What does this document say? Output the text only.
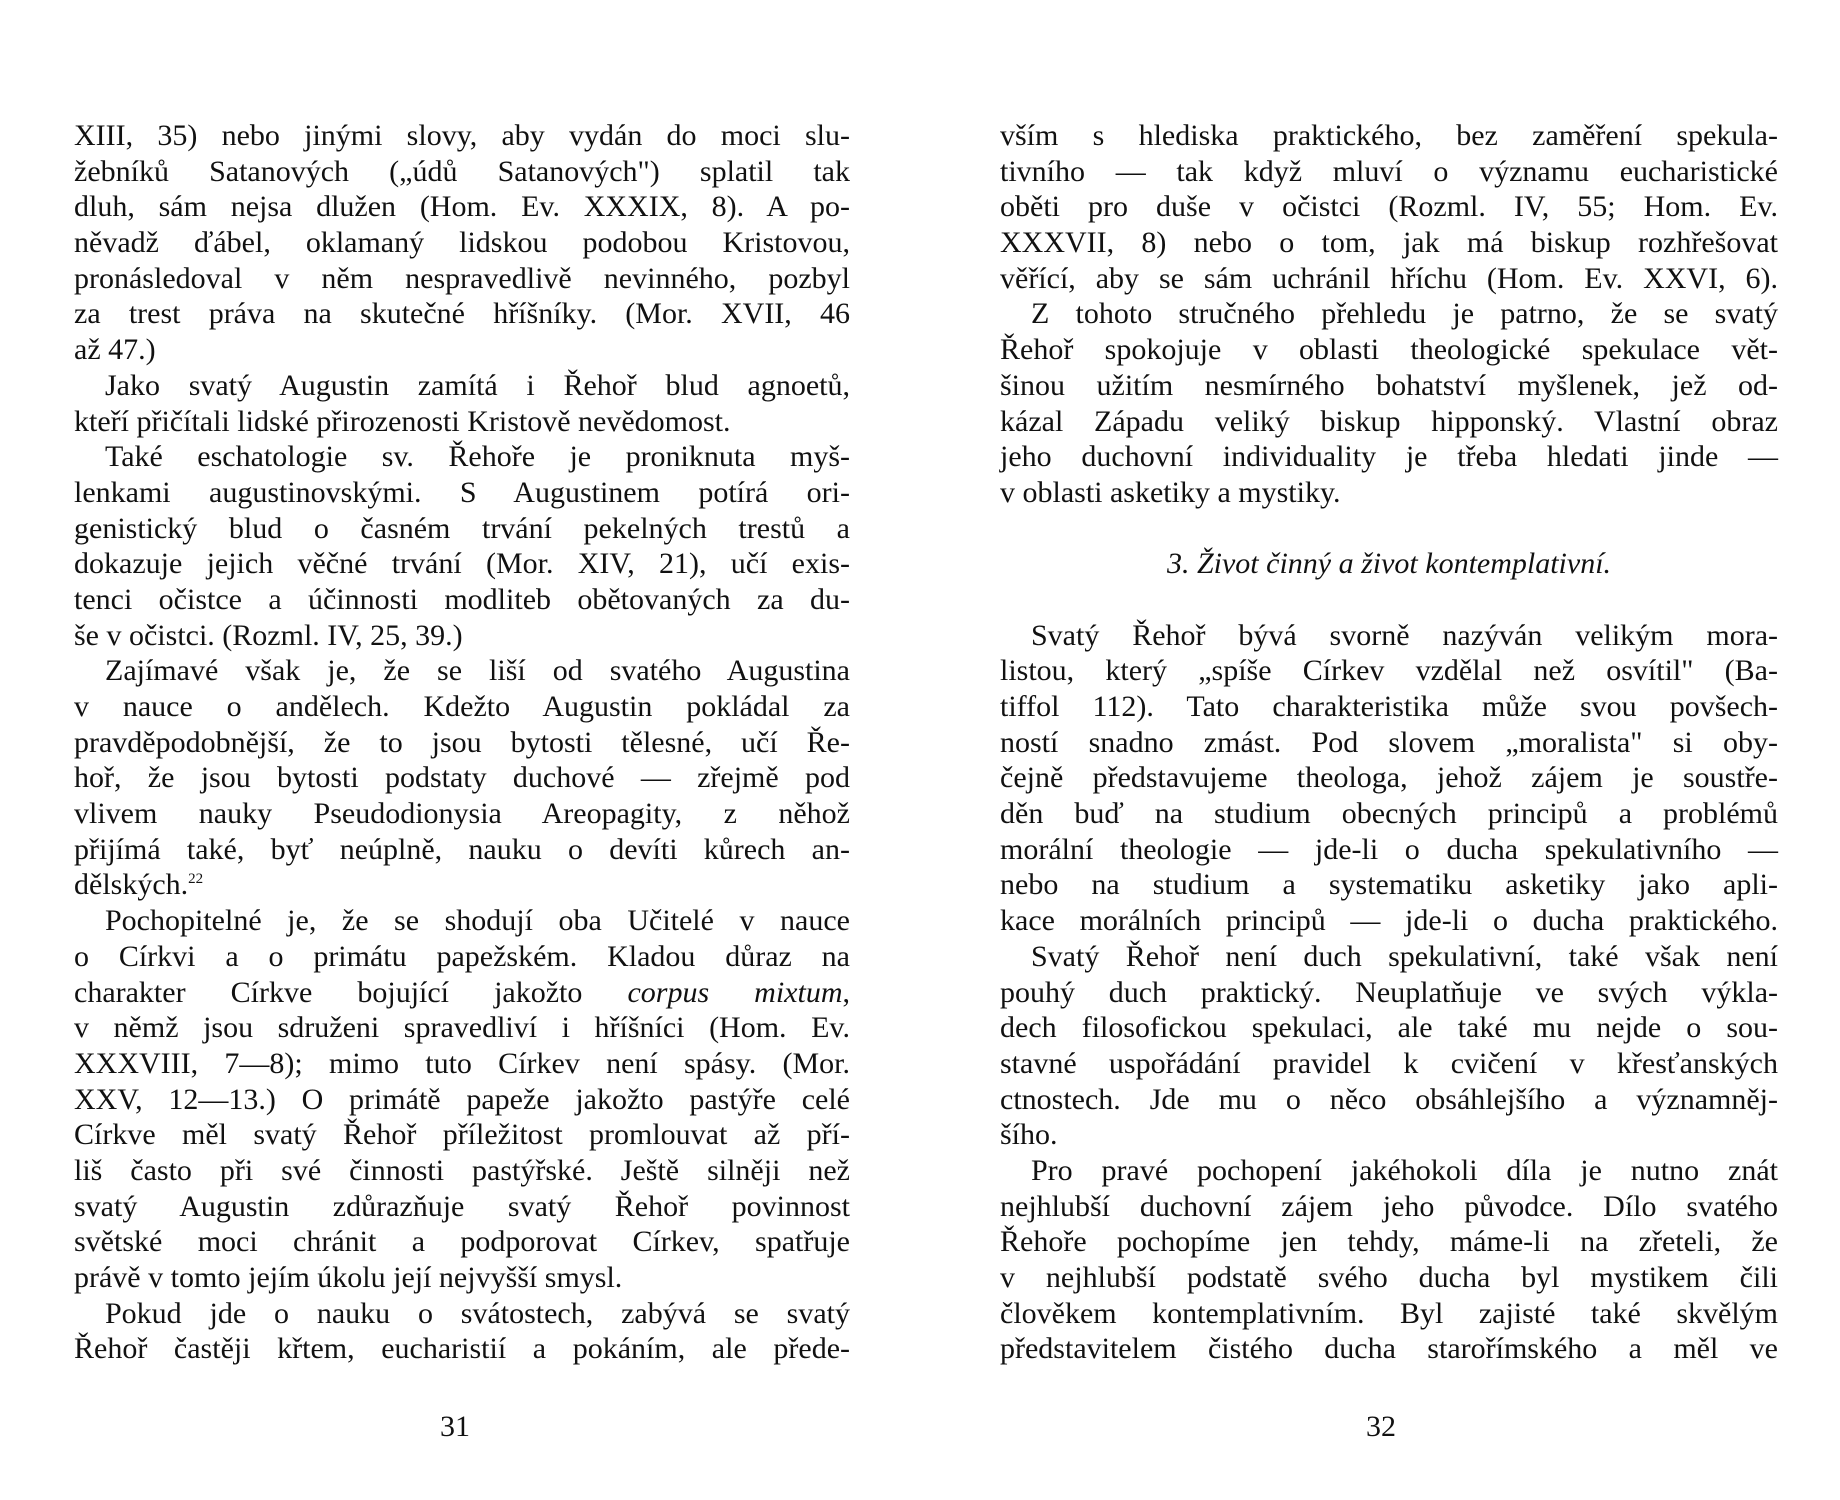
XIII, 35) nebo jinými slovy, aby vydán do moci slu-
žebníků Satanových („údů Satanových") splatil tak
dluh, sám nejsa dlužen (Hom. Ev. XXXIX, 8). A po-
něvadž ďábel, oklamaný lidskou podobou Kristovou,
pronásledoval v něm nespravedlivě nevinného, pozbyl
za trest práva na skutečné hříšníky. (Mor. XVII, 46
až 47.)
Jako svatý Augustin zamítá i Řehoř blud agnoetů,
kteří přičítali lidské přirozenosti Kristově nevědomost.
Také eschatologie sv. Řehoře je proniknuta myš-
lenkami augustinovskými. S Augustinem potírá ori-
genistický blud o časném trvání pekelných trestů a
dokazuje jejich věčné trvání (Mor. XIV, 21), učí exis-
tenci očistce a účinnosti modliteb obětovaných za du-
še v očistci. (Rozml. IV, 25, 39.)
Zajímavé však je, že se liší od svatého Augustina
v nauce o andělech. Kdežto Augustin pokládal za
pravděpodobnější, že to jsou bytosti tělesné, učí Ře-
hoř, že jsou bytosti podstaty duchové — zřejmě pod
vlivem nauky Pseudodionysia Areopagity, z něhož
přijímá také, byť neúplně, nauku o devíti kůrech an-
dělských.$^{22}$
Pochopitelné je, že se shodují oba Učitelé v nauce
o Církvi a o primátu papežském. Kladou důraz na
charakter Církve bojující jakožto corpus mixtum,
v němž jsou sdruženi spravedliví i hříšníci (Hom. Ev.
XXXVIII, 7—8); mimo tuto Církev není spásy. (Mor.
XXV, 12—13.) O primátě papeže jakožto pastýře celé
Církve měl svatý Řehoř příležitost promlouvat až pří-
liš často při své činnosti pastýřské. Ještě silněji než
svatý Augustin zdůrazňuje svatý Řehoř povinnost
světské moci chránit a podporovat Církev, spatřuje
právě v tomto jejím úkolu její nejvyšší smysl.
Pokud jde o nauku o svátostech, zabývá se svatý
Řehoř častěji křtem, eucharistií a pokáním, ale přede-
vším s hlediska praktického, bez zaměření spekula-
tivního — tak když mluví o významu eucharistické
oběti pro duše v očistci (Rozml. IV, 55; Hom. Ev.
XXXVII, 8) nebo o tom, jak má biskup rozhřešovat
věřící, aby se sám uchránil hříchu (Hom. Ev. XXVI, 6).
Z tohoto stručného přehledu je patrno, že se svatý
Řehoř spokojuje v oblasti theologické spekulace vět-
šinou užitím nesmírného bohatství myšlenek, jež od-
kázal Západu veliký biskup hipponský. Vlastní obraz
jeho duchovní individuality je třeba hledati jinde —
v oblasti asketiky a mystiky.
3. Život činný a život kontemplativní.
Svatý Řehoř bývá svorně nazýván velikým mora-
listou, který „spíše Církev vzdělal než osvítil" (Ba-
tiffol 112). Tato charakteristika může svou povšech-
ností snadno zmást. Pod slovem „moralista" si oby-
čejně představujeme theologa, jehož zájem je soustře-
děn buď na studium obecných principů a problémů
morální theologie — jde-li o ducha spekulativního —
nebo na studium a systematiku asketiky jako apli-
kace morálních principů — jde-li o ducha praktického.
Svatý Řehoř není duch spekulativní, také však není
pouhý duch praktický. Neuplatňuje ve svých výkla-
dech filosofickou spekulaci, ale také mu nejde o sou-
stavné uspořádání pravidel k cvičení v křesťanských
ctnostech. Jde mu o něco obsáhlejšího a významněj-
šího.
Pro pravé pochopení jakéhokoli díla je nutno znát
nejhlubší duchovní zájem jeho původce. Dílo svatého
Řehoře pochopíme jen tehdy, máme-li na zřeteli, že
v nejhlubší podstatě svého ducha byl mystikem čili
člověkem kontemplativním. Byl zajisté také skvělým
představitelem čistého ducha starořímského a měl ve
31	32
